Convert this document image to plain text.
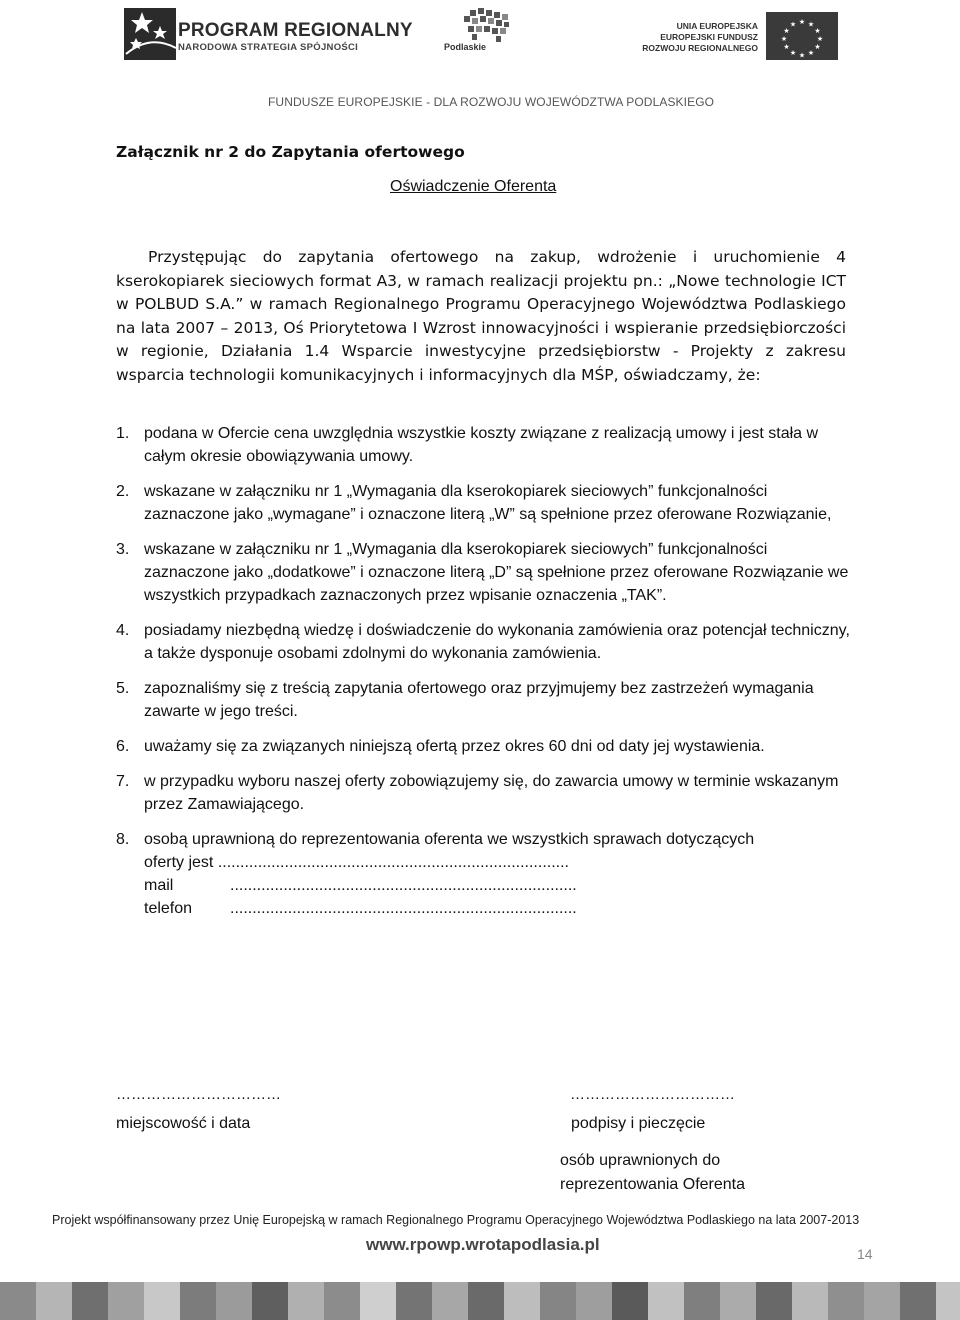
PROGRAM REGIONALNY
NARODOWA STRATEGIA SPÓJNOŚCI	Podlaskie
UNIA EUROPEJSKA
EUROPEJSKI FUNDUSZ
ROZWOJU REGIONALNEGO
★ ★
★
★
★
★
★
★
★
★
★
★
FUNDUSZE EUROPEJSKIE - DLA ROZWOJU WOJEWÓDZTWA PODLASKIEGO
Załącznik nr 2 do Zapytania ofertowego
Oświadczenie Oferenta
Przystępując do zapytania ofertowego na zakup, wdrożenie i uruchomienie 4 kserokopiarek sieciowych format A3, w ramach realizacji projektu pn.: „Nowe technologie ICT w POLBUD S.A.” w ramach Regionalnego Programu Operacyjnego Województwa Podlaskiego na lata 2007 – 2013, Oś Priorytetowa I Wzrost innowacyjności i wspieranie przedsiębiorczości w regionie, Działania 1.4 Wsparcie inwestycyjne przedsiębiorstw - Projekty z zakresu wsparcia technologii komunikacyjnych i informacyjnych dla MŚP, oświadczamy, że:
1. podana w Ofercie cena uwzględnia wszystkie koszty związane z realizacją umowy i jest stała w całym okresie obowiązywania umowy.
2. wskazane w załączniku nr 1 „Wymagania dla kserokopiarek sieciowych” funkcjonalności zaznaczone jako „wymagane” i oznaczone literą „W” są spełnione przez oferowane Rozwiązanie,
3. wskazane w załączniku nr 1 „Wymagania dla kserokopiarek sieciowych” funkcjonalności zaznaczone jako „dodatkowe” i oznaczone literą „D” są spełnione przez oferowane Rozwiązanie we wszystkich przypadkach zaznaczonych przez wpisanie oznaczenia „TAK”.
4. posiadamy niezbędną wiedzę i doświadczenie do wykonania zamówienia oraz potencjał techniczny, a także dysponuje osobami zdolnymi do wykonania zamówienia.
5. zapoznaliśmy się z treścią zapytania ofertowego oraz przyjmujemy bez zastrzeżeń wymagania zawarte w jego treści.
6. uważamy się za związanych niniejszą ofertą przez okres 60 dni od daty jej wystawienia.
7. w przypadku wyboru naszej oferty zobowiązujemy się, do zawarcia umowy w terminie wskazanym przez Zamawiającego.
8. osobą uprawnioną do reprezentowania oferenta we wszystkich sprawach dotyczących
oferty jest
...............................................................................
mail	..............................................................................
telefon	..............................................................................
……………………………	……………………………
miejscowość i data	podpisy i pieczęcie
osób uprawnionych do
reprezentowania Oferenta
Projekt współfinansowany przez Unię Europejską w ramach Regionalnego Programu Operacyjnego Województwa Podlaskiego na lata 2007-2013
www.rpowp.wrotapodlasia.pl	14
